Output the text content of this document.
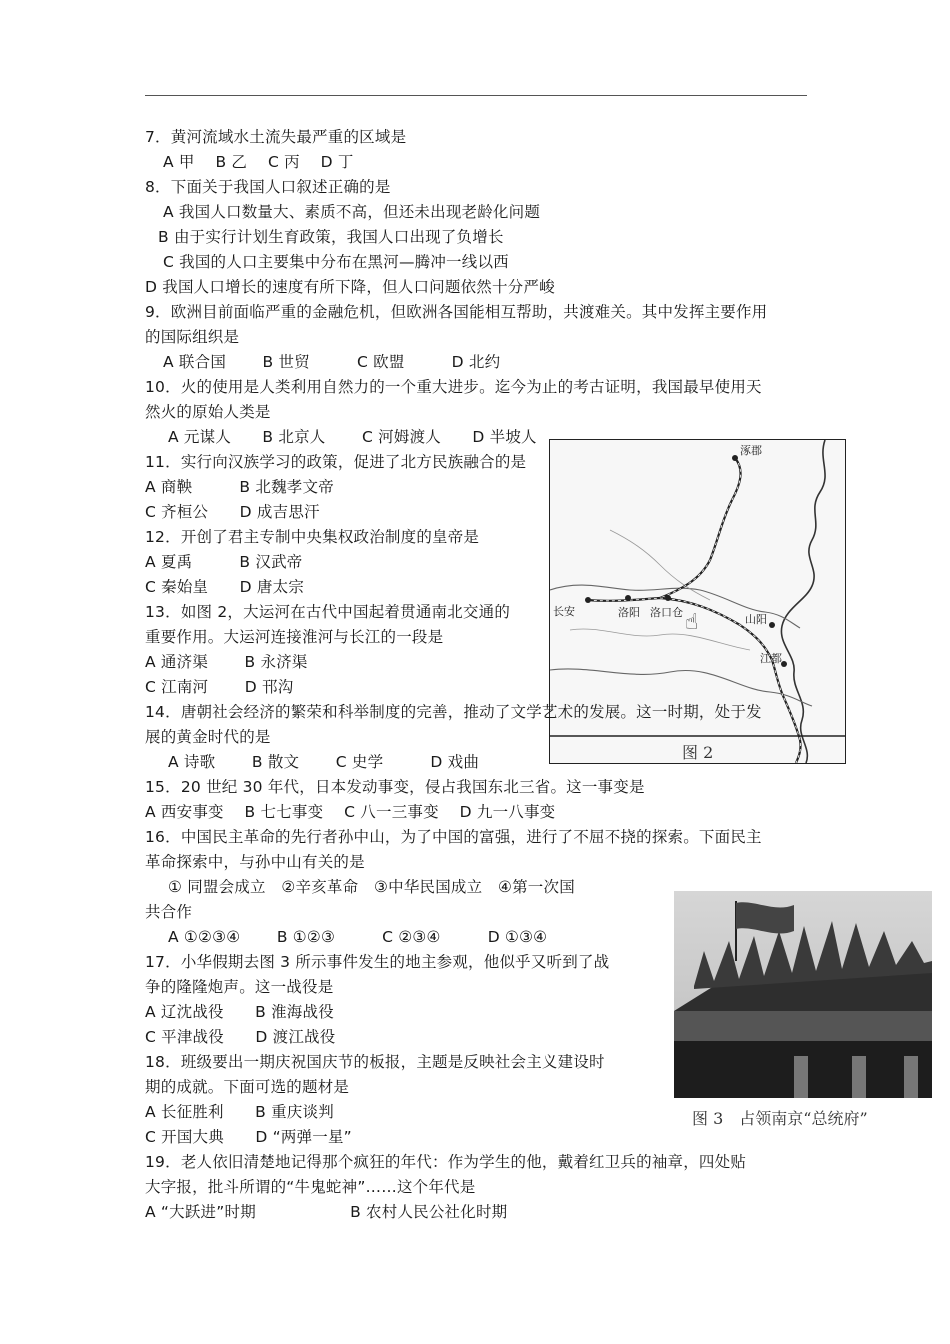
7．黄河流域水土流失最严重的区域是
A 甲　 B 乙　 C 丙　 D 丁
8．下面关于我国人口叙述正确的是
A 我国人口数量大、素质不高，但还未出现老龄化问题
B 由于实行计划生育政策，我国人口出现了负增长
C 我国的人口主要集中分布在黑河—腾冲一线以西
D 我国人口增长的速度有所下降，但人口问题依然十分严峻
9．欧洲目前面临严重的金融危机，但欧洲各国能相互帮助，共渡难关。其中发挥主要作用
的国际组织是
A 联合国　　 B 世贸　　　C 欧盟　　　D 北约
10．火的使用是人类利用自然力的一个重大进步。迄今为止的考古证明，我国最早使用天
然火的原始人类是
A 元谋人　　B 北京人　　 C 河姆渡人　　D 半坡人
11．实行向汉族学习的政策，促进了北方民族融合的是
A 商鞅　　　B 北魏孝文帝
C 齐桓公　　D 成吉思汗
12．开创了君主专制中央集权政治制度的皇帝是
A 夏禹　　　B 汉武帝
C 秦始皇　　D 唐太宗
13．如图 2，大运河在古代中国起着贯通南北交通的
重要作用。大运河连接淮河与长江的一段是
A 通济渠　　 B 永济渠
C 江南河　　 D 邗沟
14．唐朝社会经济的繁荣和科举制度的完善，推动了文学艺术的发展。这一时期，处于发
展的黄金时代的是
A 诗歌　　 B 散文　　 C 史学　　　D 戏曲
15．20 世纪 30 年代，日本发动事变，侵占我国东北三省。这一事变是
A 西安事变　 B 七七事变　 C 八一三事变　 D 九一八事变
16．中国民主革命的先行者孙中山，为了中国的富强，进行了不屈不挠的探索。下面民主
革命探索中，与孙中山有关的是
① 同盟会成立　②辛亥革命　③中华民国成立　④第一次国
共合作
A ①②③④　　 B ①②③　　　C ②③④　　　D ①③④
17．小华假期去图 3 所示事件发生的地主参观，他似乎又听到了战
争的隆隆炮声。这一战役是
A 辽沈战役　　B 淮海战役
C 平津战役　　D 渡江战役
18．班级要出一期庆祝国庆节的板报，主题是反映社会主义建设时
期的成就。下面可选的题材是
A 长征胜利　　B 重庆谈判
C 开国大典　　D “两弹一星”
19．老人依旧清楚地记得那个疯狂的年代：作为学生的他，戴着红卫兵的袖章，四处贴
大字报，批斗所谓的“牛鬼蛇神”……这个年代是
A “大跃进”时期　　　　　　B 农村人民公社化时期
涿郡
长安	洛阳 洛口仓
山阳
江都
图 2
☝
图 3　占领南京“总统府”
